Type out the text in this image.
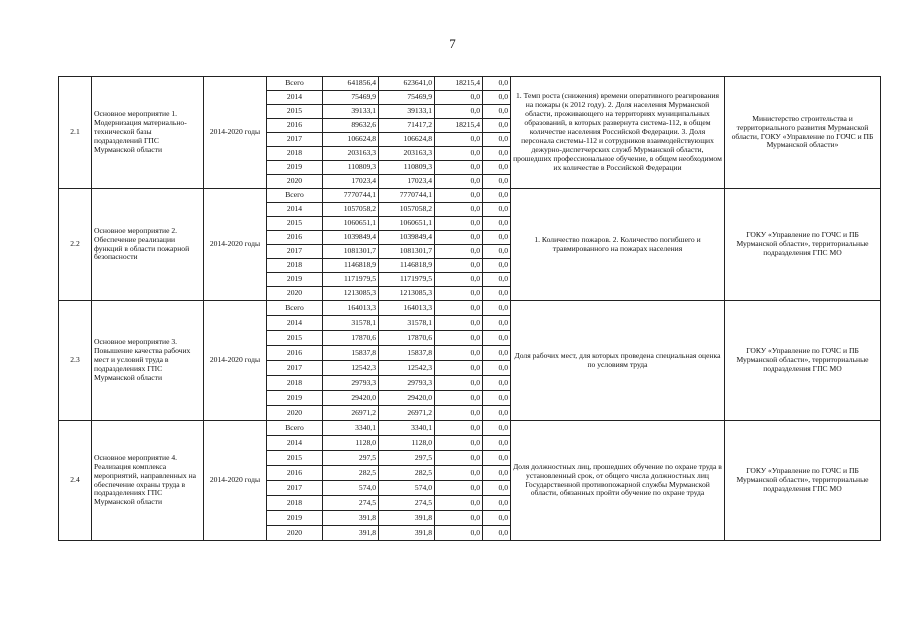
7
2.1	Основное мероприятие 1. Модернизация материально-технической базы подразделений ГПС Мурманской области	2014-2020 годы	Всего	641856,4	623641,0	18215,4	0,0	1. Темп роста (снижения) времени оперативного реагирования на пожары (к 2012 году). 2. Доля населения Мурманской области, проживающего на территориях муниципальных образований, в которых развернута система-112, в общем количестве населения Российской Федерации. 3. Доля персонала системы-112 и сотрудников взаимодействующих дежурно-диспетчерских служб Мурманской области, прошедших профессиональное обучение, в общем необходимом их количестве в Российской Федерации	Министерство строительства и территориального развития Мурманской области, ГОКУ «Управление по ГОЧС и ПБ Мурманской области»
			2014	75469,9	75469,9	0,0	0,0		
			2015	39133,1	39133,1	0,0	0,0		
			2016	89632,6	71417,2	18215,4	0,0		
			2017	106624,8	106624,8	0,0	0,0		
			2018	203163,3	203163,3	0,0	0,0		
			2019	110809,3	110809,3	0,0	0,0		
			2020	17023,4	17023,4	0,0	0,0		
2.2	Основное мероприятие 2. Обеспечение реализации функций в области пожарной безопасности	2014-2020 годы	Всего	7770744,1	7770744,1	0,0	0,0	1. Количество пожаров. 2. Количество погибшего и травмированного на пожарах населения	ГОКУ «Управление по ГОЧС и ПБ Мурманской области», территориальные подразделения ГПС МО
			2014	1057058,2	1057058,2	0,0	0,0		
			2015	1060651,1	1060651,1	0,0	0,0		
			2016	1039849,4	1039849,4	0,0	0,0		
			2017	1081301,7	1081301,7	0,0	0,0		
			2018	1146818,9	1146818,9	0,0	0,0		
			2019	1171979,5	1171979,5	0,0	0,0		
			2020	1213085,3	1213085,3	0,0	0,0		
2.3	Основное мероприятие 3. Повышение качества рабочих мест и условий труда в подразделениях ГПС Мурманской области	2014-2020 годы	Всего	164013,3	164013,3	0,0	0,0	Доля рабочих мест, для которых проведена специальная оценка по условиям труда	ГОКУ «Управление по ГОЧС и ПБ Мурманской области», территориальные подразделения ГПС МО
			2014	31578,1	31578,1	0,0	0,0		
			2015	17870,6	17870,6	0,0	0,0		
			2016	15837,8	15837,8	0,0	0,0		
			2017	12542,3	12542,3	0,0	0,0		
			2018	29793,3	29793,3	0,0	0,0		
			2019	29420,0	29420,0	0,0	0,0		
			2020	26971,2	26971,2	0,0	0,0		
2.4	Основное мероприятие 4. Реализация комплекса мероприятий, направленных на обеспечение охраны труда в подразделениях ГПС Мурманской области	2014-2020 годы	Всего	3340,1	3340,1	0,0	0,0	Доля должностных лиц, прошедших обучение по охране труда в установленный срок, от общего числа должностных лиц Государственной противопожарной службы Мурманской области, обязанных пройти обучение по охране труда	ГОКУ «Управление по ГОЧС и ПБ Мурманской области», территориальные подразделения ГПС МО
			2014	1128,0	1128,0	0,0	0,0		
			2015	297,5	297,5	0,0	0,0		
			2016	282,5	282,5	0,0	0,0		
			2017	574,0	574,0	0,0	0,0		
			2018	274,5	274,5	0,0	0,0		
			2019	391,8	391,8	0,0	0,0		
			2020	391,8	391,8	0,0	0,0		
